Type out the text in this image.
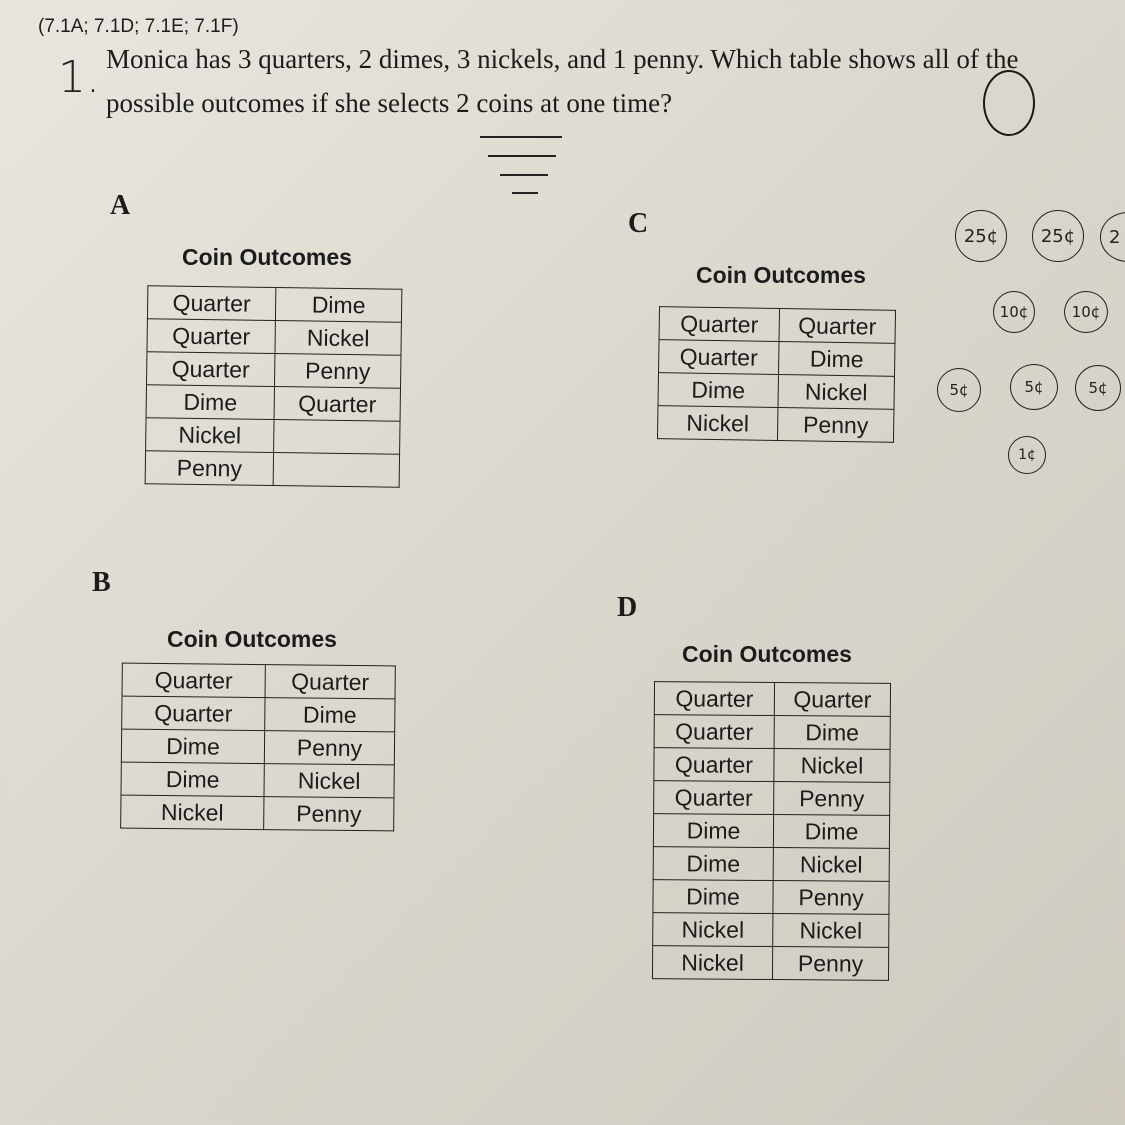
(7.1A; 7.1D; 7.1E; 7.1F)
1. Monica has 3 quarters, 2 dimes, 3 nickels, and 1 penny. Which table shows all of the
possible outcomes if she selects 2 coins at one time?
A
Coin Outcomes
Quarter	Dime
Quarter	Nickel
Quarter	Penny
Dime	Quarter
Nickel	
Penny	
B
Coin Outcomes
Quarter	Quarter
Quarter	Dime
Dime	Penny
Dime	Nickel
Nickel	Penny
C
Coin Outcomes
Quarter	Quarter
Quarter	Dime
Dime	Nickel
Nickel	Penny
D
Coin Outcomes
Quarter	Quarter
Quarter	Dime
Quarter	Nickel
Quarter	Penny
Dime	Dime
Dime	Nickel
Dime	Penny
Nickel	Nickel
Nickel	Penny
25¢	25¢	2
10¢	10¢
5¢	5¢	5¢
1¢
